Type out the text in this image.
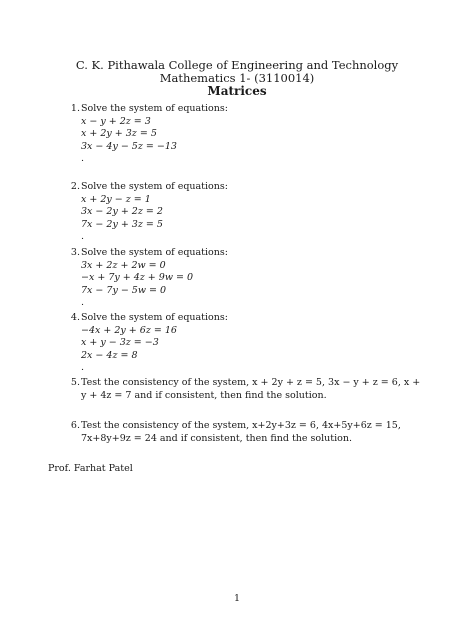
C. K. Pithawala College of Engineering and Technology
Mathematics 1- (3110014)
Matrices
1. Solve the system of equations:
x − y + 2z = 3
x + 2y + 3z = 5
3x − 4y − 5z = −13
.
2. Solve the system of equations:
x + 2y − z = 1
3x − 2y + 2z = 2
7x − 2y + 3z = 5
.
3. Solve the system of equations:
3x + 2z + 2w = 0
−x + 7y + 4z + 9w = 0
7x − 7y − 5w = 0
.
4. Solve the system of equations:
−4x + 2y + 6z = 16
x + y − 3z = −3
2x − 4z = 8
.
5. Test the consistency of the system, x + 2y + z = 5, 3x − y + z = 6, x + y + 4z = 7 and if consistent, then find the solution.
6. Test the consistency of the system, x+2y+3z = 6, 4x+5y+6z = 15, 7x+8y+9z = 24 and if consistent, then find the solution.
Prof. Farhat Patel
1
